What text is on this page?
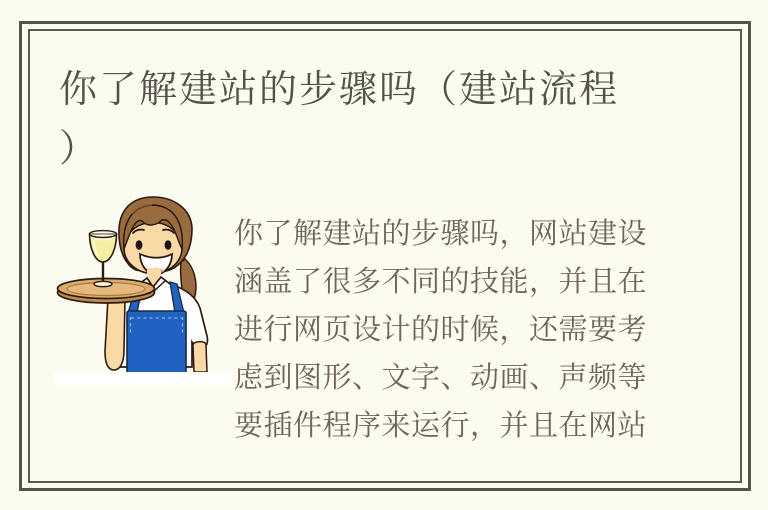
你了解建站的步骤吗（建站流程
）
你了解建站的步骤吗，网站建设
涵盖了很多不同的技能，并且在
进行网页设计的时候，还需要考
虑到图形、文字、动画、声频等
要插件程序来运行，并且在网站
